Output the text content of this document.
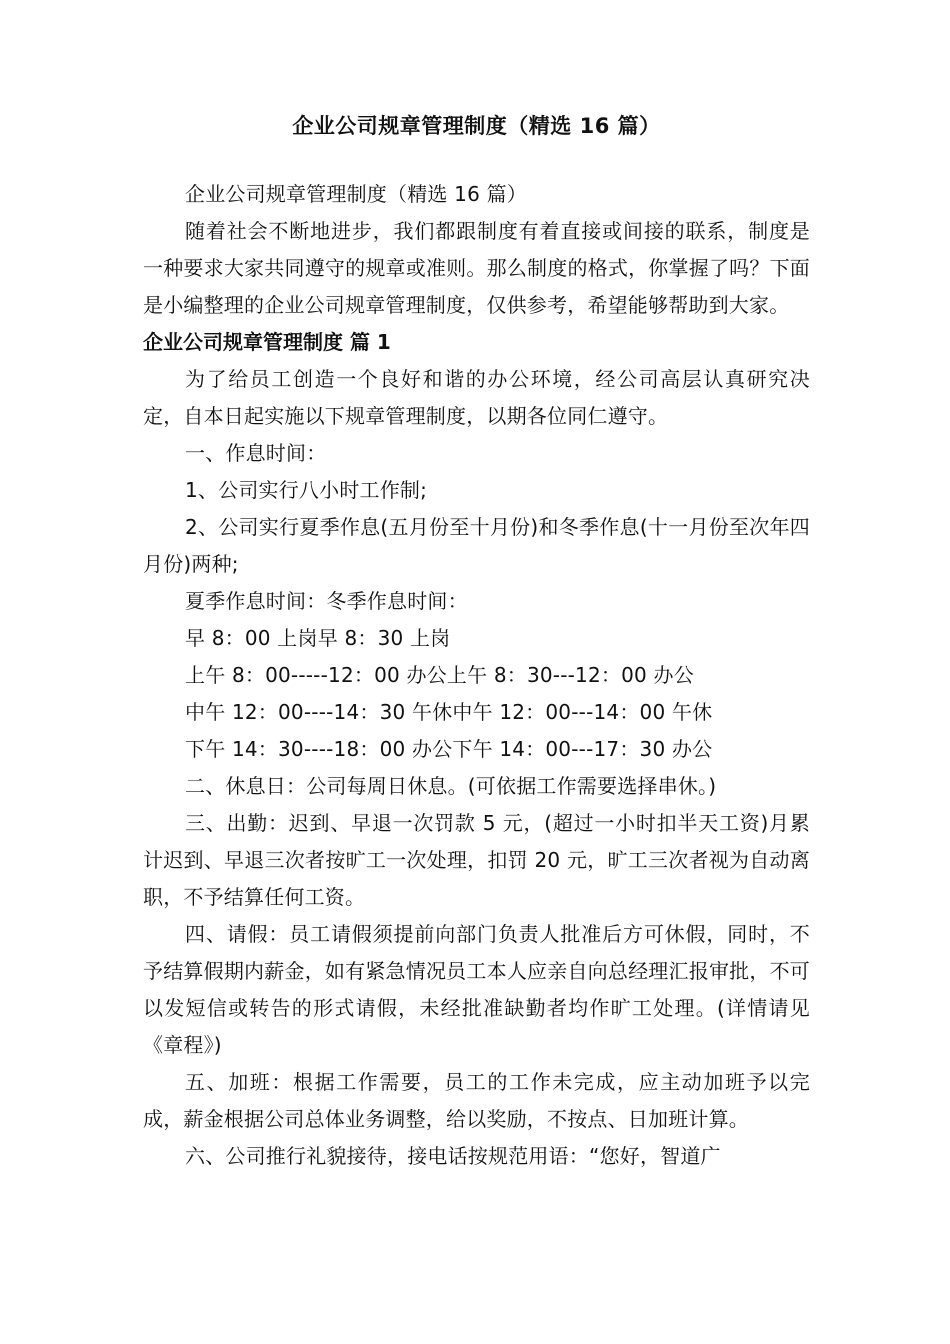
企业公司规章管理制度（精选 16 篇）

企业公司规章管理制度（精选 16 篇）

随着社会不断地进步，我们都跟制度有着直接或间接的联系，制度是一种要求大家共同遵守的规章或准则。那么制度的格式，你掌握了吗？下面是小编整理的企业公司规章管理制度，仅供参考，希望能够帮助到大家。

企业公司规章管理制度 篇 1

为了给员工创造一个良好和谐的办公环境，经公司高层认真研究决定，自本日起实施以下规章管理制度，以期各位同仁遵守。

一、作息时间：

1、公司实行八小时工作制;

2、公司实行夏季作息(五月份至十月份)和冬季作息(十一月份至次年四月份)两种;

夏季作息时间：冬季作息时间：

早 8：00 上岗早 8：30 上岗

上午 8：00-----12：00 办公上午 8：30---12：00 办公

中午 12：00----14：30 午休中午 12：00---14：00 午休

下午 14：30----18：00 办公下午 14：00---17：30 办公

二、休息日：公司每周日休息。(可依据工作需要选择串休。)

三、出勤：迟到、早退一次罚款 5 元，(超过一小时扣半天工资)月累计迟到、早退三次者按旷工一次处理，扣罚 20 元，旷工三次者视为自动离职，不予结算任何工资。

四、请假：员工请假须提前向部门负责人批准后方可休假，同时，不予结算假期内薪金，如有紧急情况员工本人应亲自向总经理汇报审批，不可以发短信或转告的形式请假，未经批准缺勤者均作旷工处理。(详情请见《章程》)

五、加班：根据工作需要，员工的工作未完成，应主动加班予以完成，薪金根据公司总体业务调整，给以奖励，不按点、日加班计算。

六、公司推行礼貌接待，接电话按规范用语：“您好，智道广
